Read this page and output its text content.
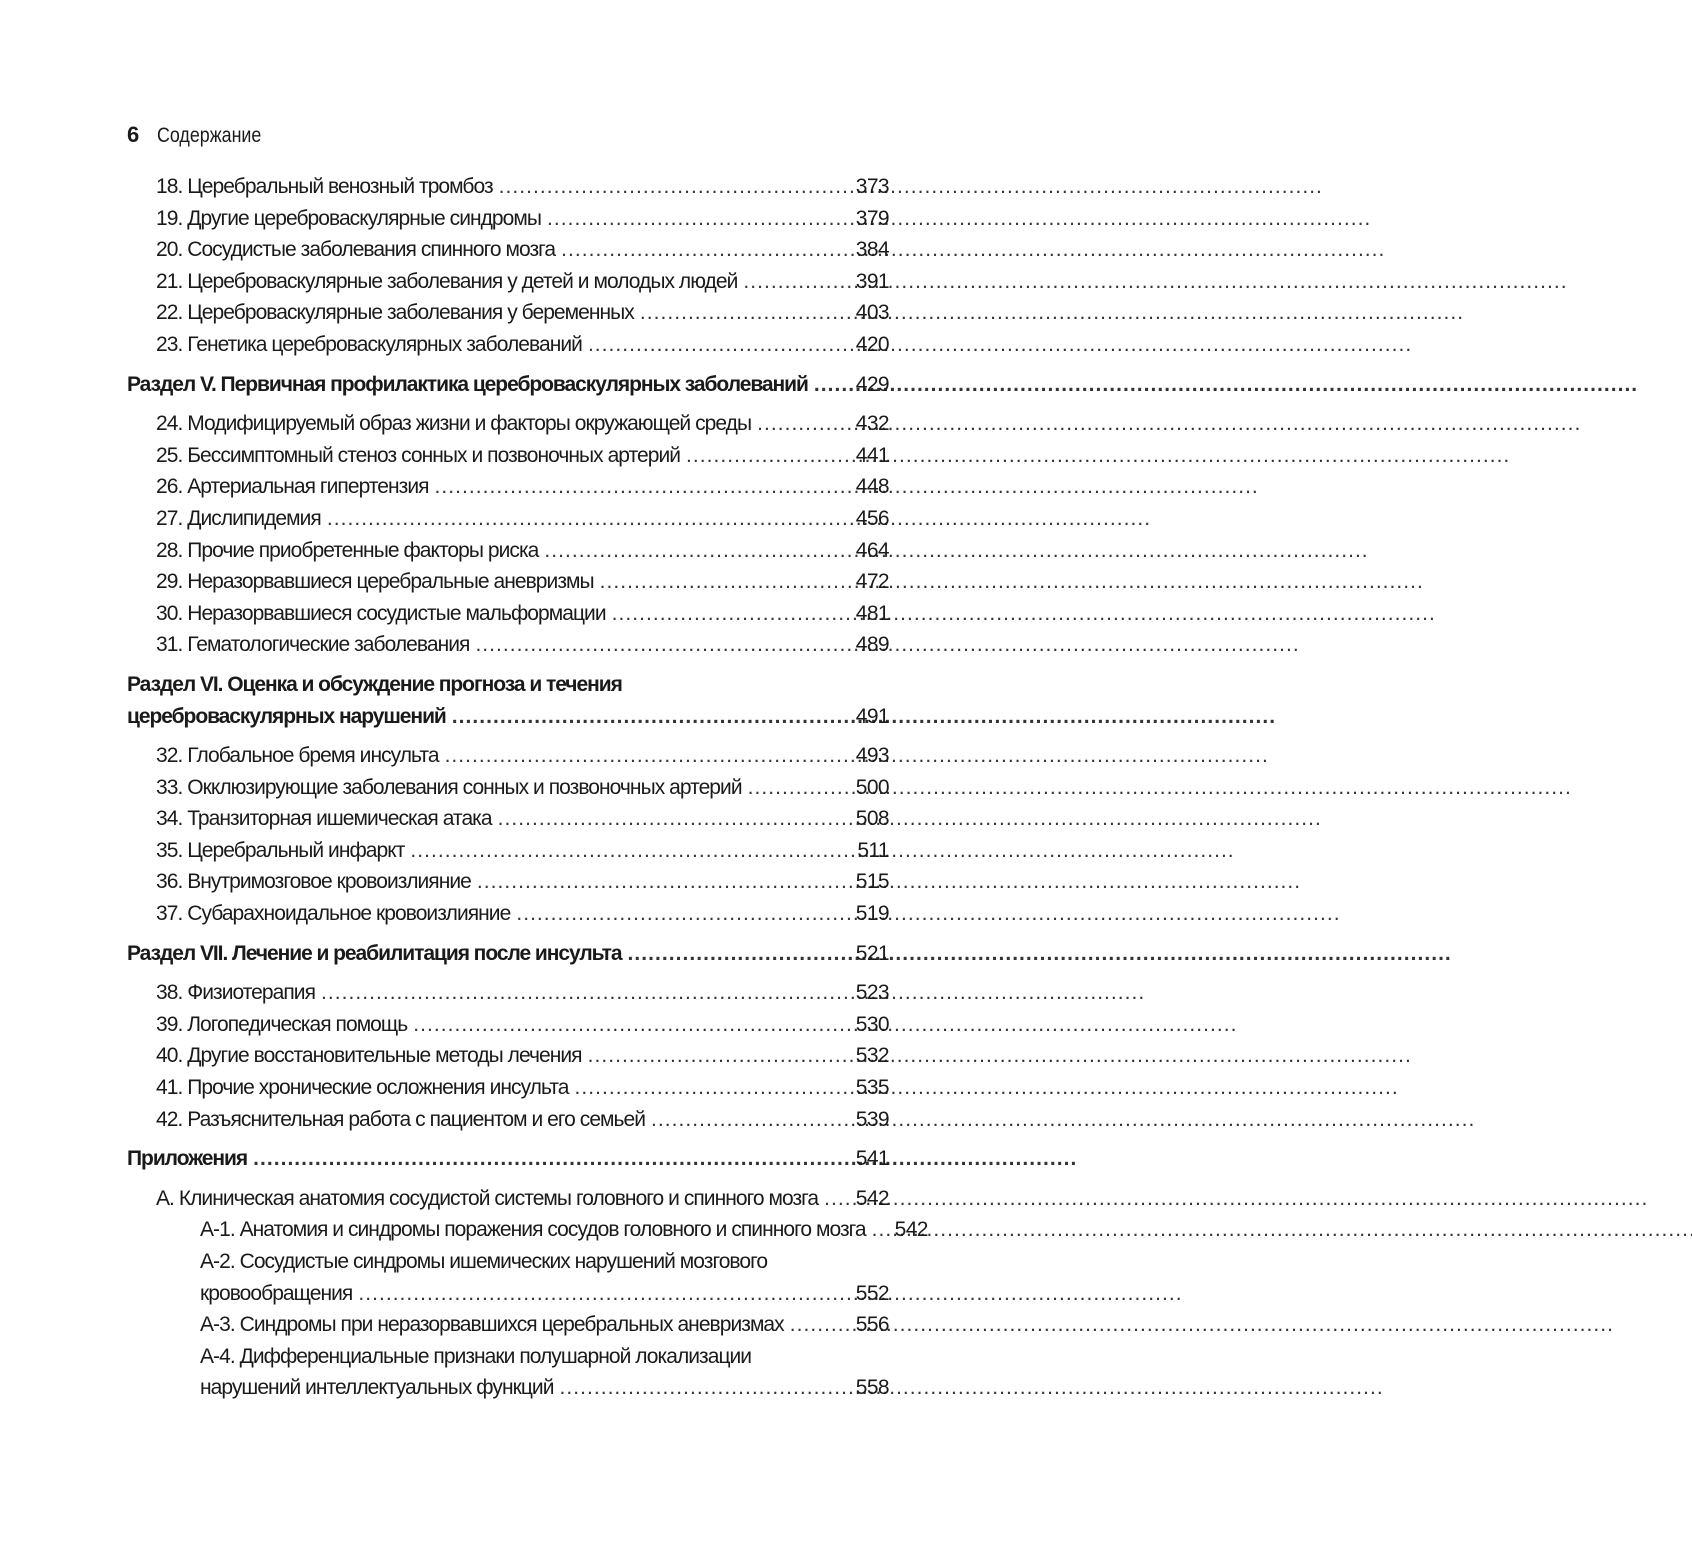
6 Содержание
18. Церебральный венозный тромбоз . . .	373
19. Другие цереброваскулярные синдромы . . .	379
20. Сосудистые заболевания спинного мозга . . .	384
21. Цереброваскулярные заболевания у детей и молодых людей . . .	391
22. Цереброваскулярные заболевания у беременных . . .	403
23. Генетика цереброваскулярных заболеваний . . .	420
Раздел V. Первичная профилактика цереброваскулярных заболеваний . . . 429
24. Модифицируемый образ жизни и факторы окружающей среды . . .	432
25. Бессимптомный стеноз сонных и позвоночных артерий . . .	441
26. Артериальная гипертензия . . .	448
27. Дислипидемия . . .	456
28. Прочие приобретенные факторы риска . . .	464
29. Неразорвавшиеся церебральные аневризмы . . .	472
30. Неразорвавшиеся сосудистые мальформации . . .	481
31. Гематологические заболевания . . .	489
Раздел VI. Оценка и обсуждение прогноза и течения
цереброваскулярных нарушений . . .	491
32. Глобальное бремя инсульта . . .	493
33. Окклюзирующие заболевания сонных и позвоночных артерий . . .	500
34. Транзиторная ишемическая атака . . .	508
35. Церебральный инфаркт . . .	511
36. Внутримозговое кровоизлияние . . .	515
37. Субарахноидальное кровоизлияние . . .	519
Раздел VII. Лечение и реабилитация после инсульта . . .	521
38. Физиотерапия . . .	523
39. Логопедическая помощь . . .	530
40. Другие восстановительные методы лечения . . .	532
41. Прочие хронические осложнения инсульта . . .	535
42. Разъяснительная работа с пациентом и его семьей . . .	539
Приложения . . .	541
А. Клиническая анатомия сосудистой системы головного и спинного мозга . . . 542
А-1. Анатомия и синдромы поражения сосудов головного и спинного мозга . . . 542
А-2. Сосудистые синдромы ишемических нарушений мозгового
кровообращения . . .	552
А-3. Синдромы при неразорвавшихся церебральных аневризмах . . .	556
А-4. Дифференциальные признаки полушарной локализации
нарушений интеллектуальных функций . . .	558
